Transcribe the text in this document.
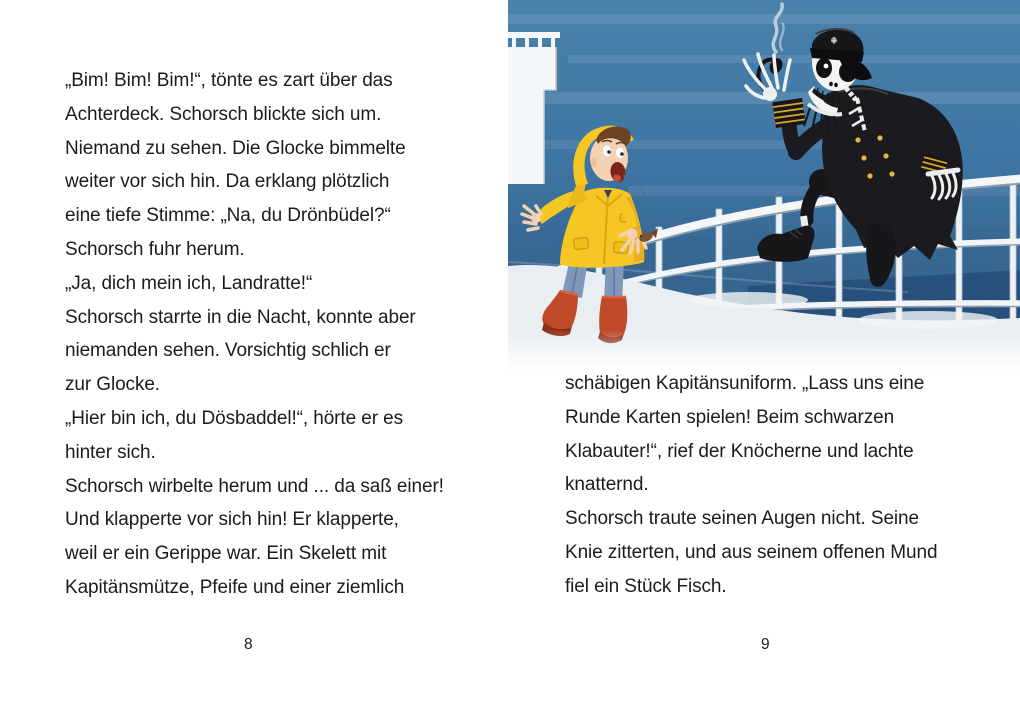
„Bim! Bim! Bim!“, tönte es zart über das
Achterdeck. Schorsch blickte sich um.
Niemand zu sehen. Die Glocke bimmelte
weiter vor sich hin. Da erklang plötzlich
eine tiefe Stimme: „Na, du Drönbüdel?“
Schorsch fuhr herum.
„Ja, dich mein ich, Landratte!“
Schorsch starrte in die Nacht, konnte aber
niemanden sehen. Vorsichtig schlich er
zur Glocke.
„Hier bin ich, du Dösbaddel!“, hörte er es
hinter sich.
Schorsch wirbelte herum und ... da saß einer!
Und klapperte vor sich hin! Er klapperte,
weil er ein Gerippe war. Ein Skelett mit
Kapitänsmütze, Pfeife und einer ziemlich
schäbigen Kapitänsuniform. „Lass uns eine
Runde Karten spielen! Beim schwarzen
Klabauter!“, rief der Knöcherne und lachte
knatternd.
Schorsch traute seinen Augen nicht. Seine
Knie zitterten, und aus seinem offenen Mund
fiel ein Stück Fisch.
8	9
